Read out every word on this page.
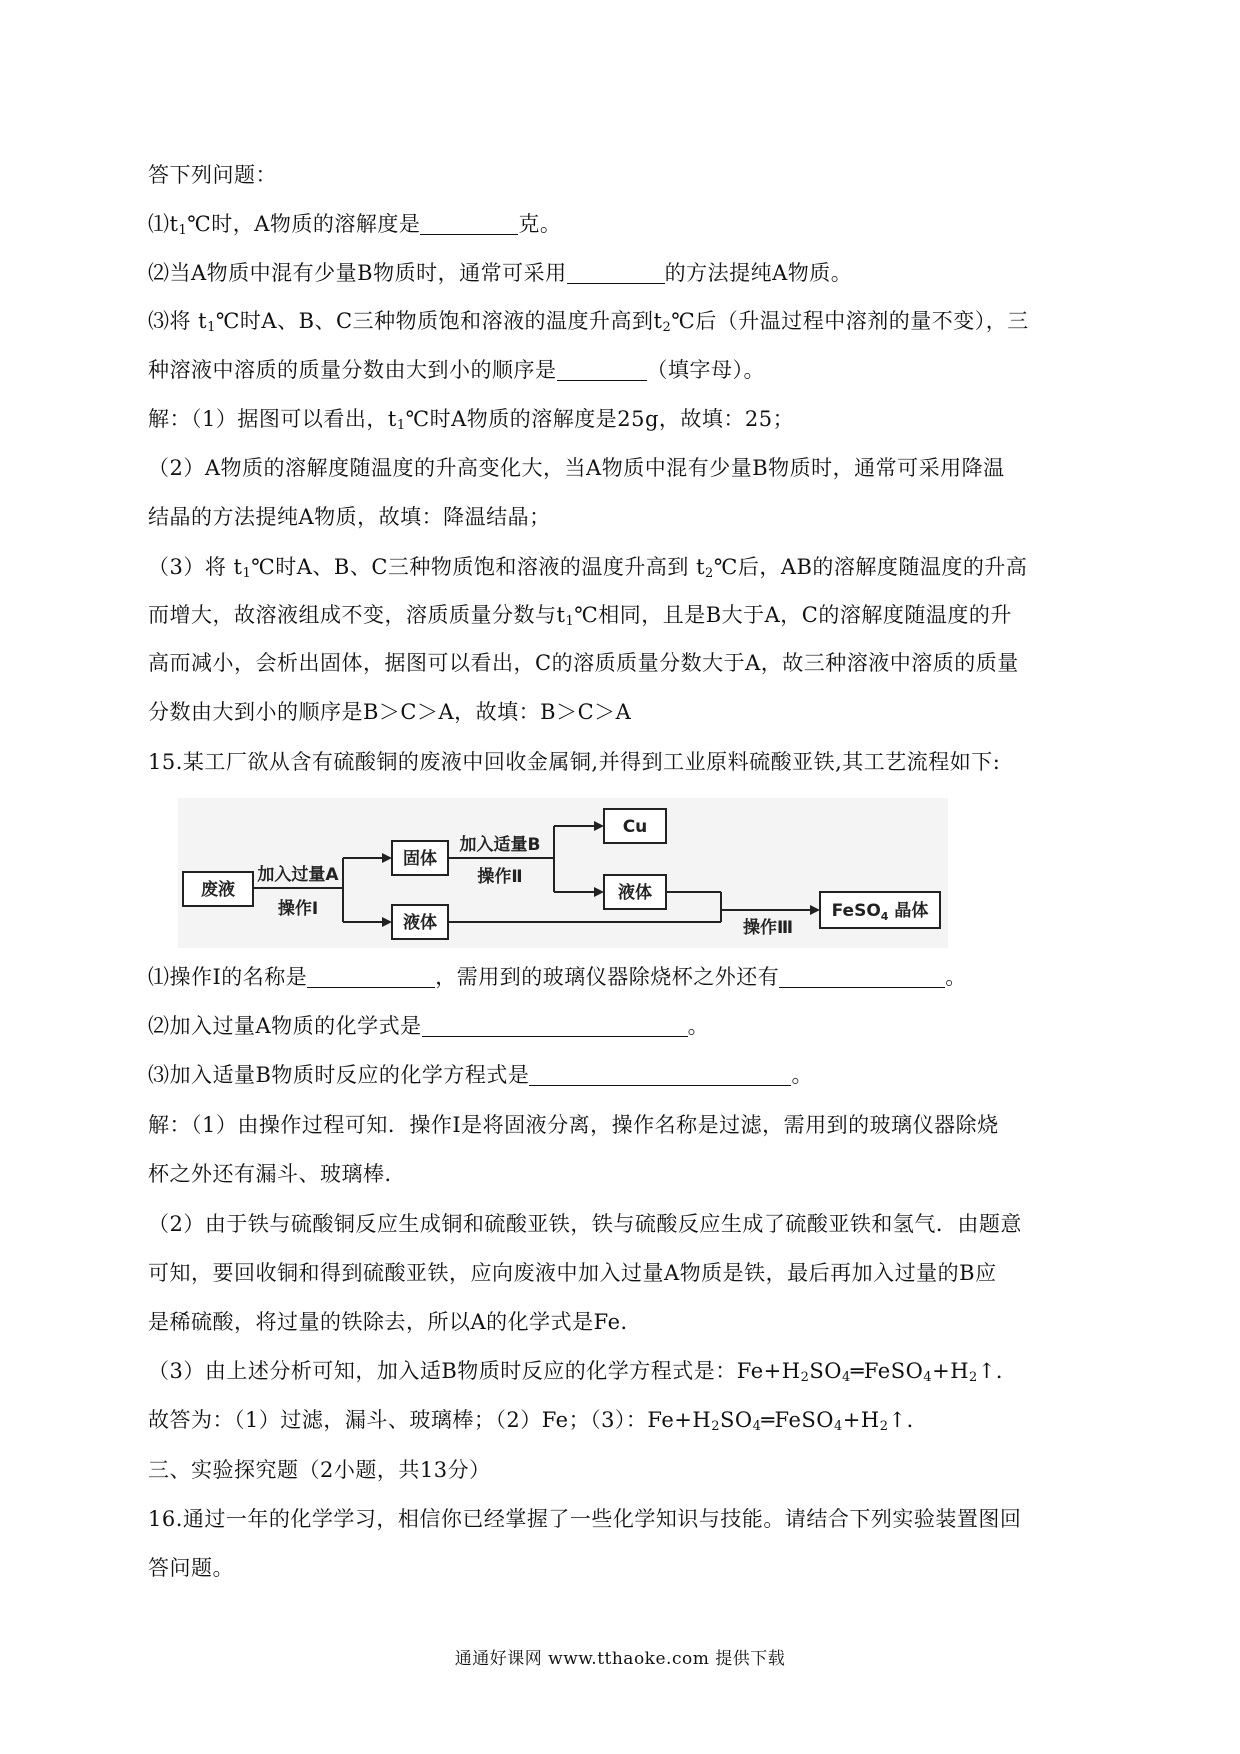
答下列问题：
$⑴t_1℃$时，A物质的溶解度是	克。
⑵当A物质中混有少量B物质时，通常可采用	的方法提纯A物质。
⑶将 $t_1℃$时A、B、C三种物质饱和溶液的温度升高到$t_2℃$后（升温过程中溶剂的量不变），三
种溶液中溶质的质量分数由大到小的顺序是	（填字母）。
解：（1）据图可以看出，$t_1℃$时A物质的溶解度是25g，故填：25；
（2）A物质的溶解度随温度的升高变化大，当A物质中混有少量B物质时，通常可采用降温
结晶的方法提纯A物质，故填：降温结晶；
（3）将 $t_1℃$时A、B、C三种物质饱和溶液的温度升高到 $t_2℃$后，AB的溶解度随温度的升高
而增大，故溶液组成不变，溶质质量分数与$t_1℃$相同，且是B大于A，C的溶解度随温度的升
高而减小，会析出固体，据图可以看出，C的溶质质量分数大于A，故三种溶液中溶质的质量
分数由大到小的顺序是B＞C＞A，故填：B＞C＞A
15.某工厂欲从含有硫酸铜的废液中回收金属铜,并得到工业原料硫酸亚铁,其工艺流程如下:
废液
固体
液体
Cu
液体
FeSO$_4$ 晶体
加入过量A
操作Ⅰ
加入适量B
操作Ⅱ
操作Ⅲ
⑴操作Ⅰ的名称是	，需用到的玻璃仪器除烧杯之外还有	。
⑵加入过量A物质的化学式是	。
⑶加入适量B物质时反应的化学方程式是	。
解：（1）由操作过程可知．操作Ⅰ是将固液分离，操作名称是过滤，需用到的玻璃仪器除烧
杯之外还有漏斗、玻璃棒．
（2）由于铁与硫酸铜反应生成铜和硫酸亚铁，铁与硫酸反应生成了硫酸亚铁和氢气．由题意
可知，要回收铜和得到硫酸亚铁，应向废液中加入过量A物质是铁，最后再加入过量的B应
是稀硫酸，将过量的铁除去，所以A的化学式是Fe．
（3）由上述分析可知，加入适B物质时反应的化学方程式是：$Fe+H_2SO_4═FeSO_4+H_2↑$．
故答为：（1）过滤，漏斗、玻璃棒；（2）Fe；（3）：$Fe+H_2SO_4═FeSO_4+H_2↑$．
三、实验探究题（2小题，共13分）
16.通过一年的化学学习，相信你已经掌握了一些化学知识与技能。请结合下列实验装置图回
答问题。
通通好课网 www.tthaoke.com 提供下载
